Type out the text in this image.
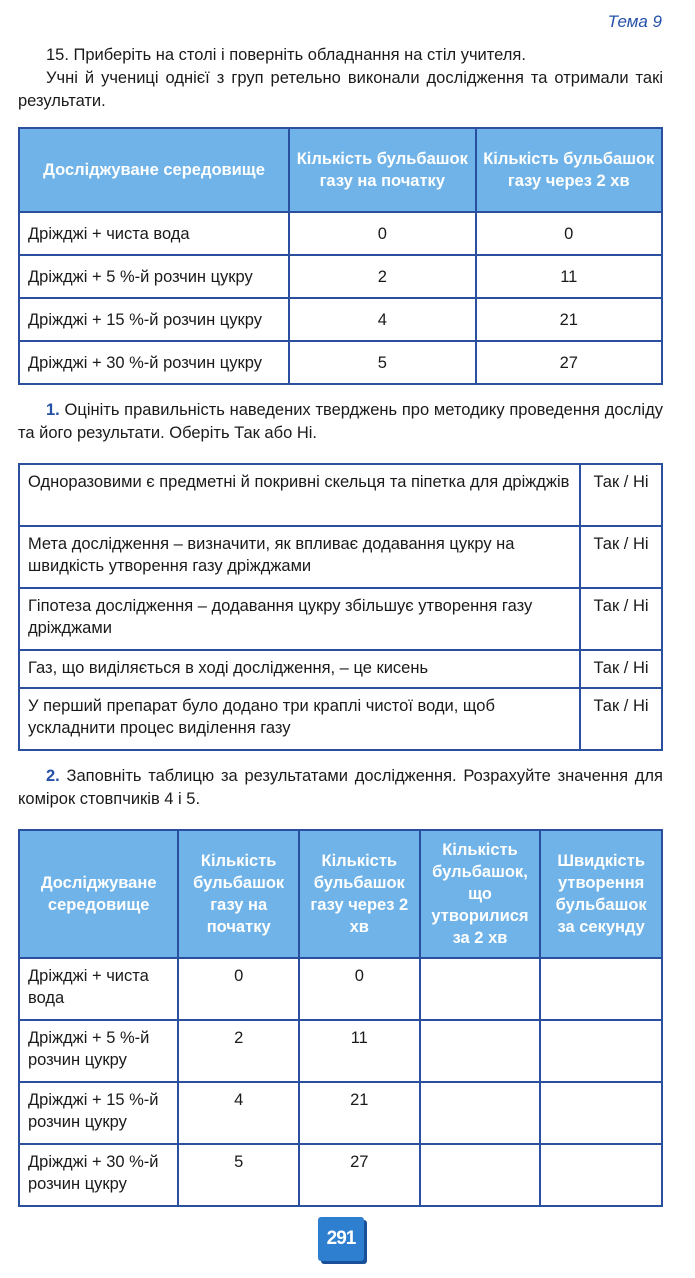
Тема 9

15. Приберіть на столі і поверніть обладнання на стіл учителя.

Учні й учениці однієї з груп ретельно виконали дослідження та отримали такі результати.

Досліджуване середовище	Кількість бульбашок газу на початку	Кількість бульбашок газу через 2 хв
Дріжджі + чиста вода	0	0
Дріжджі + 5 %-й розчин цукру	2	11
Дріжджі + 15 %-й розчин цукру	4	21
Дріжджі + 30 %-й розчин цукру	5	27

1. Оцініть правильність наведених тверджень про методику проведення досліду та його результати. Оберіть Так або Ні.

Одноразовими є предметні й покривні скельця та піпетка для дріжджів	Так / Ні
Мета дослідження – визначити, як впливає додавання цукру на швидкість утворення газу дріжджами	Так / Ні
Гіпотеза дослідження – додавання цукру збільшує утворення газу дріжджами	Так / Ні
Газ, що виділяється в ході дослідження, – це кисень	Так / Ні
У перший препарат було додано три краплі чистої води, щоб ускладнити процес виділення газу	Так / Ні

2. Заповніть таблицю за результатами дослідження. Розрахуйте значення для комірок стовпчиків 4 і 5.

Досліджуване середовище	Кількість бульбашок газу на початку	Кількість бульбашок газу через 2 хв	Кількість бульбашок, що утворилися за 2 хв	Швидкість утворення бульбашок за секунду
Дріжджі + чиста вода	0	0		
Дріжджі + 5 %-й розчин цукру	2	11		
Дріжджі + 15 %-й розчин цукру	4	21		
Дріжджі + 30 %-й розчин цукру	5	27		
291
